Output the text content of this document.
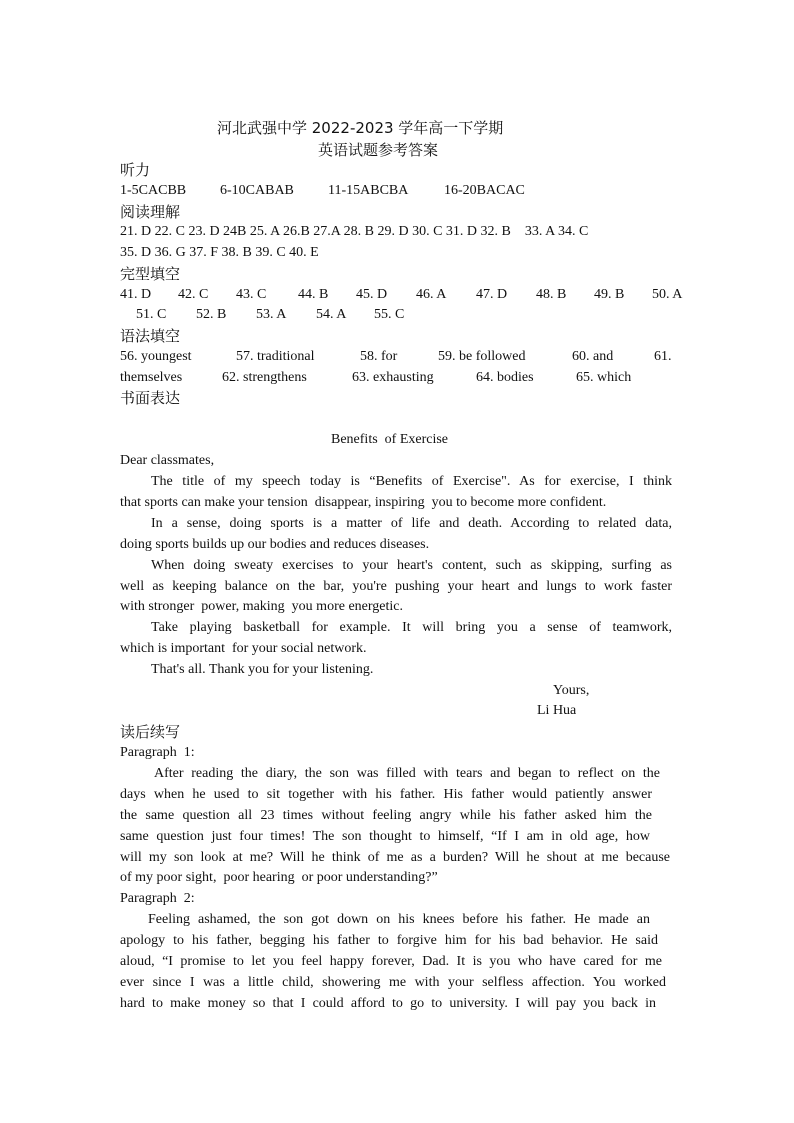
河北武强中学 2022-2023 学年高一下学期
英语试题参考答案
听力
1-5CACBB 6-10CABAB 11-15ABCBA	16-20BACAC
阅读理解
21. D 22. C 23. D 24B 25. A 26.B 27.A 28. B 29. D 30. C 31. D 32. B    33. A 34. C
35. D 36. G 37. F 38. B 39. C 40. E
完型填空
41. D 42. C 43. C 44. B 45. D 46. A 47. D 48. B 49. B 50. A
51. C 52. B 53. A 54. A 55. C
语法填空
56. youngest	57. traditional	58. for	59. be followed	60. and	61.
themselves	62. strengthens	63. exhausting	64. bodies	65. which
书面表达
Benefits  of Exercise
Dear classmates,
The title of my speech today is “Benefits of Exercise". As for exercise, I think
that sports can make your tension  disappear, inspiring  you to become more confident.
In a sense, doing sports is a matter of life and death. According to related data,
doing sports builds up our bodies and reduces diseases.
When doing sweaty exercises to your heart's content, such as skipping, surfing as
well as keeping balance on the bar, you're pushing your heart and lungs to work faster
with stronger  power, making  you more energetic.
Take playing basketball for example. It will bring you a sense of teamwork,
which is important  for your social network.
That's all. Thank you for your listening.
Yours,
Li Hua
读后续写
Paragraph  1:
After reading the diary, the son was filled with tears and began to reflect on the
days when he used to sit together with his father. His father would patiently answer
the same question all 23 times without feeling angry while his father asked him the
same question just four times! The son thought to himself, “If I am in old age, how
will my son look at me? Will he think of me as a burden? Will he shout at me because
of my poor sight,  poor hearing  or poor understanding?”
Paragraph  2:
Feeling ashamed, the son got down on his knees before his father. He made an
apology to his father, begging his father to forgive him for his bad behavior. He said
aloud, “I promise to let you feel happy forever, Dad. It is you who have cared for me
ever since I was a little child, showering me with your selfless affection. You worked
hard to make money so that I could afford to go to university. I will pay you back in
